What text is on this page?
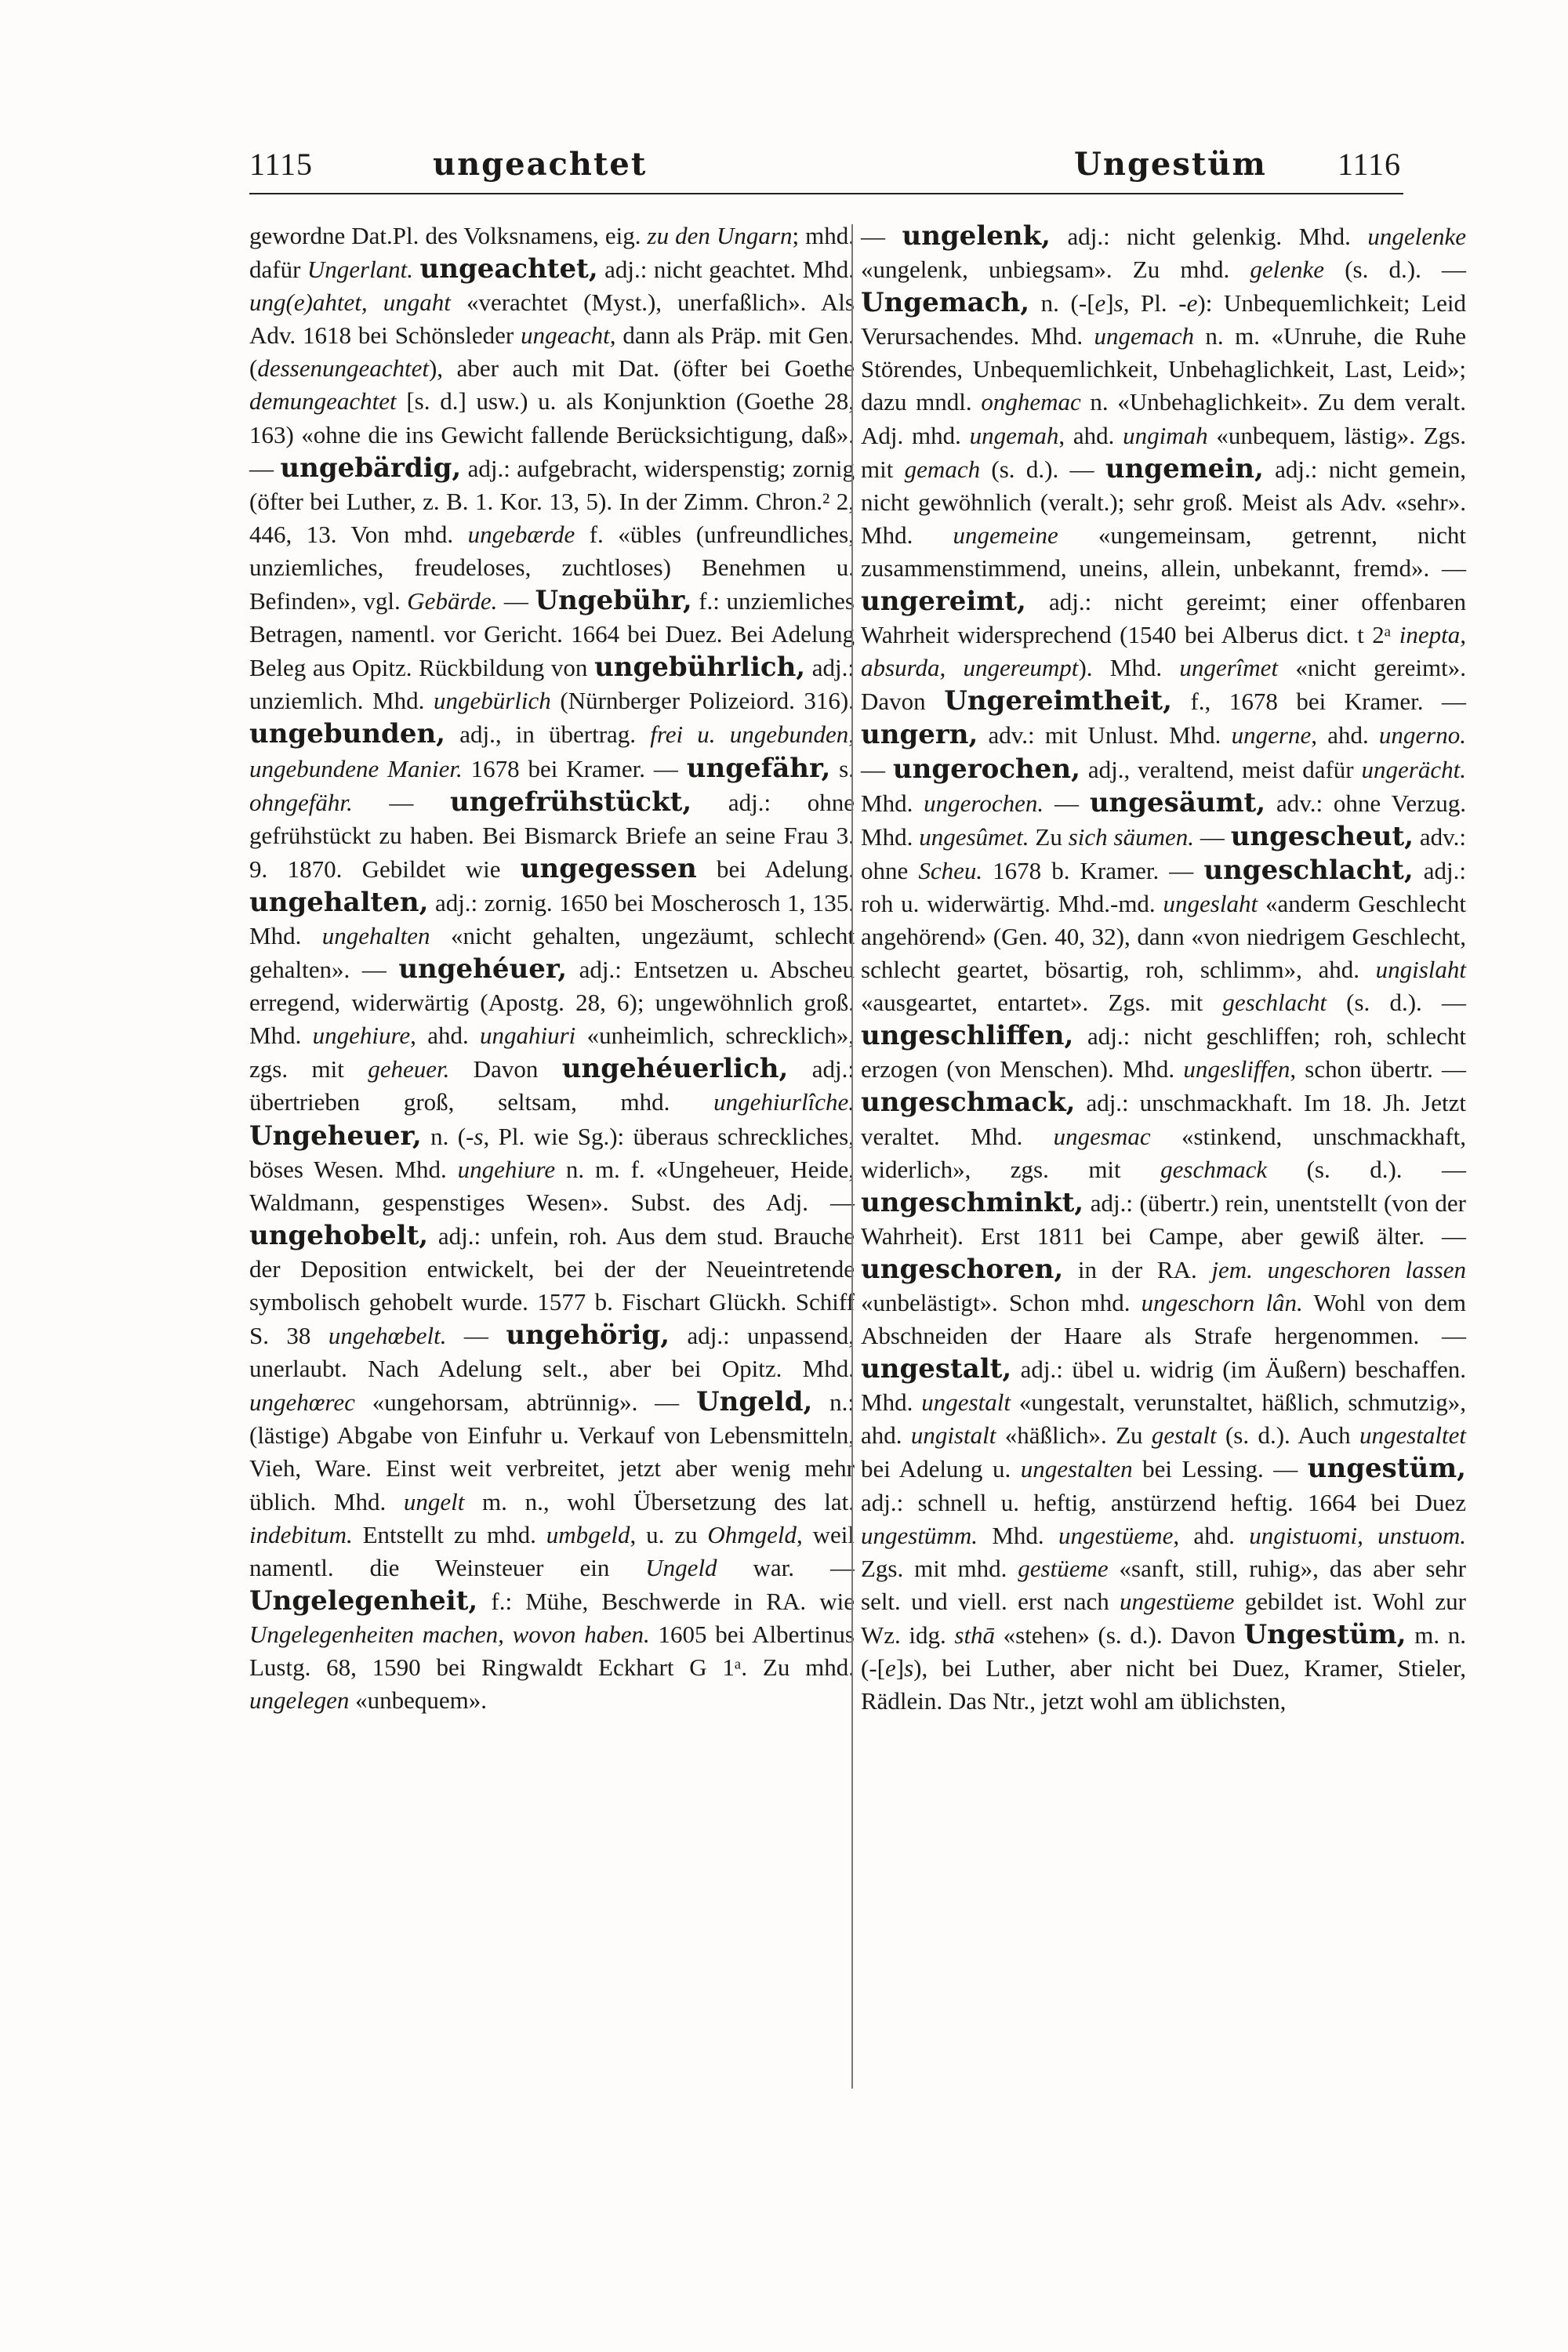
1115	ungeachtet	Ungestüm 1116

gewordne Dat.Pl. des Volksnamens, eig. zu den Ungarn; mhd. dafür Ungerlant. ungeachtet, adj.: nicht geachtet. Mhd. ung(e)ahtet, ungaht «verachtet (Myst.), unerfaßlich». Als Adv. 1618 bei Schönsleder ungeacht, dann als Präp. mit Gen. (dessenungeachtet), aber auch mit Dat. (öfter bei Goethe demungeachtet [s. d.] usw.) u. als Konjunktion (Goethe 28, 163) «ohne die ins Gewicht fallende Berücksichtigung, daß». — ungebärdig, adj.: aufgebracht, widerspenstig; zornig (öfter bei Luther, z. B. 1. Kor. 13, 5). In der Zimm. Chron.² 2, 446, 13. Von mhd. ungebærde f. «übles (unfreundliches, unziemliches, freudeloses, zuchtloses) Benehmen u. Befinden», vgl. Gebärde. — Ungebühr, f.: unziemliches Betragen, namentl. vor Gericht. 1664 bei Duez. Bei Adelung Beleg aus Opitz. Rückbildung von ungebührlich, adj.: unziemlich. Mhd. ungebürlich (Nürnberger Polizeiord. 316). ungebunden, adj., in übertrag. frei u. ungebunden, ungebundene Manier. 1678 bei Kramer. — ungefähr, s. ohngefähr. — ungefrühstückt, adj.: ohne gefrühstückt zu haben. Bei Bismarck Briefe an seine Frau 3. 9. 1870. Gebildet wie ungegessen bei Adelung. ungehalten, adj.: zornig. 1650 bei Moscherosch 1, 135. Mhd. ungehalten «nicht gehalten, ungezäumt, schlecht gehalten». — ungehéuer, adj.: Entsetzen u. Abscheu erregend, widerwärtig (Apostg. 28, 6); ungewöhnlich groß. Mhd. ungehiure, ahd. ungahiuri «unheimlich, schrecklich», zgs. mit geheuer. Davon ungehéuerlich, adj.: übertrieben groß, seltsam, mhd. ungehiurlîche. Ungeheuer, n. (-s, Pl. wie Sg.): überaus schreckliches, böses Wesen. Mhd. ungehiure n. m. f. «Ungeheuer, Heide, Waldmann, gespenstiges Wesen». Subst. des Adj. — ungehobelt, adj.: unfein, roh. Aus dem stud. Brauche der Deposition entwickelt, bei der der Neueintretende symbolisch gehobelt wurde. 1577 b. Fischart Glückh. Schiff S. 38 ungehœbelt. — ungehörig, adj.: unpassend, unerlaubt. Nach Adelung selt., aber bei Opitz. Mhd. ungehœrec «ungehorsam, abtrünnig». — Ungeld, n.: (lästige) Abgabe von Einfuhr u. Verkauf von Lebensmitteln, Vieh, Ware. Einst weit verbreitet, jetzt aber wenig mehr üblich. Mhd. ungelt m. n., wohl Übersetzung des lat. indebitum. Entstellt zu mhd. umbgeld, u. zu Ohmgeld, weil namentl. die Weinsteuer ein Ungeld war. — Ungelegenheit, f.: Mühe, Beschwerde in RA. wie Ungelegenheiten machen, wovon haben. 1605 bei Albertinus Lustg. 68, 1590 bei Ringwaldt Eckhart G 1ᵃ. Zu mhd. ungelegen «unbequem».

— ungelenk, adj.: nicht gelenkig. Mhd. ungelenke «ungelenk, unbiegsam». Zu mhd. gelenke (s. d.). — Ungemach, n. (-[e]s, Pl. -e): Unbequemlichkeit; Leid Verursachendes. Mhd. ungemach n. m. «Unruhe, die Ruhe Störendes, Unbequemlichkeit, Unbehaglichkeit, Last, Leid»; dazu mndl. onghemac n. «Unbehaglichkeit». Zu dem veralt. Adj. mhd. ungemah, ahd. ungimah «unbequem, lästig». Zgs. mit gemach (s. d.). — ungemein, adj.: nicht gemein, nicht gewöhnlich (veralt.); sehr groß. Meist als Adv. «sehr». Mhd. ungemeine «ungemeinsam, getrennt, nicht zusammenstimmend, uneins, allein, unbekannt, fremd». — ungereimt, adj.: nicht gereimt; einer offenbaren Wahrheit widersprechend (1540 bei Alberus dict. t 2ᵃ inepta, absurda, ungereumpt). Mhd. ungerîmet «nicht gereimt». Davon Ungereimtheit, f., 1678 bei Kramer. — ungern, adv.: mit Unlust. Mhd. ungerne, ahd. ungerno. — ungerochen, adj., veraltend, meist dafür ungerächt. Mhd. ungerochen. — ungesäumt, adv.: ohne Verzug. Mhd. ungesûmet. Zu sich säumen. — ungescheut, adv.: ohne Scheu. 1678 b. Kramer. — ungeschlacht, adj.: roh u. widerwärtig. Mhd.-md. ungeslaht «anderm Geschlecht angehörend» (Gen. 40, 32), dann «von niedrigem Geschlecht, schlecht geartet, bösartig, roh, schlimm», ahd. ungislaht «ausgeartet, entartet». Zgs. mit geschlacht (s. d.). — ungeschliffen, adj.: nicht geschliffen; roh, schlecht erzogen (von Menschen). Mhd. ungesliffen, schon übertr. — ungeschmack, adj.: unschmackhaft. Im 18. Jh. Jetzt veraltet. Mhd. ungesmac «stinkend, unschmackhaft, widerlich», zgs. mit geschmack (s. d.). — ungeschminkt, adj.: (übertr.) rein, unentstellt (von der Wahrheit). Erst 1811 bei Campe, aber gewiß älter. — ungeschoren, in der RA. jem. ungeschoren lassen «unbelästigt». Schon mhd. ungeschorn lân. Wohl von dem Abschneiden der Haare als Strafe hergenommen. — ungestalt, adj.: übel u. widrig (im Äußern) beschaffen. Mhd. ungestalt «ungestalt, verunstaltet, häßlich, schmutzig», ahd. ungistalt «häßlich». Zu gestalt (s. d.). Auch ungestaltet bei Adelung u. ungestalten bei Lessing. — ungestüm, adj.: schnell u. heftig, anstürzend heftig. 1664 bei Duez ungestümm. Mhd. ungestüeme, ahd. ungistuomi, unstuom. Zgs. mit mhd. gestüeme «sanft, still, ruhig», das aber sehr selt. und viell. erst nach ungestüeme gebildet ist. Wohl zur Wz. idg. sthā «stehen» (s. d.). Davon Ungestüm, m. n. (-[e]s), bei Luther, aber nicht bei Duez, Kramer, Stieler, Rädlein. Das Ntr., jetzt wohl am üblichsten,
